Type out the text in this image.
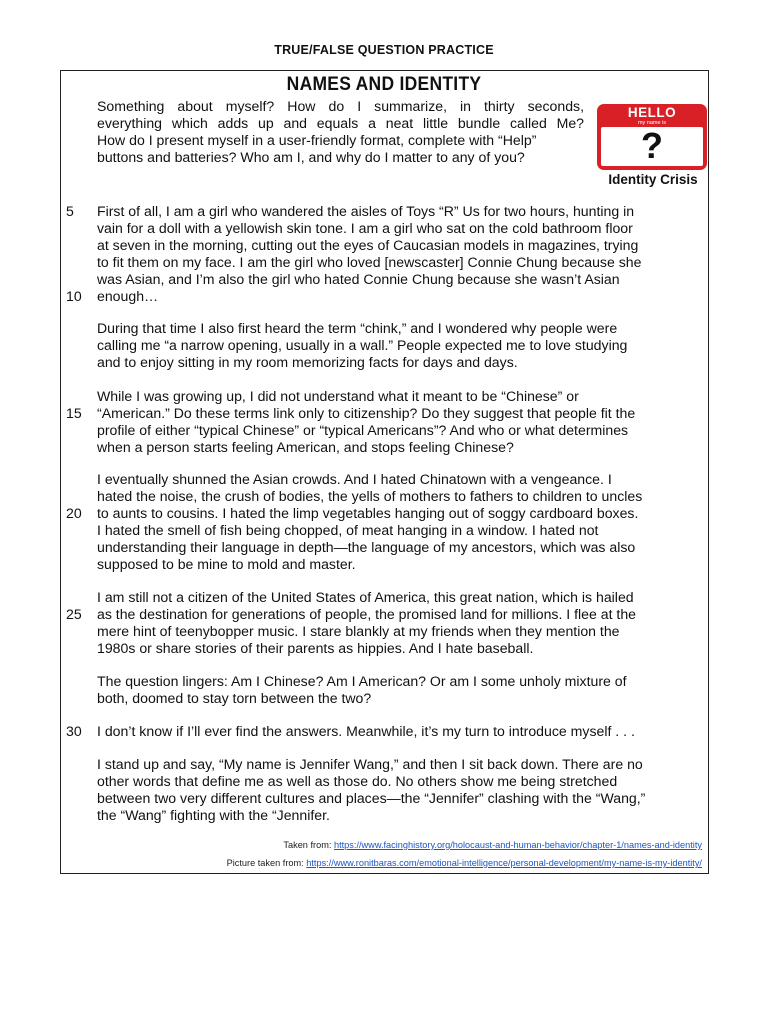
TRUE/FALSE QUESTION PRACTICE
NAMES AND IDENTITY
HELLO
my name is
?
Identity Crisis
Something about myself? How do I summarize, in thirty seconds,
everything which adds up and equals a neat little bundle called Me?
How do I present myself in a user-friendly format, complete with “Help”
buttons and batteries? Who am I, and why do I matter to any of you?
First of all, I am a girl who wandered the aisles of Toys “R” Us for two hours, hunting in
vain for a doll with a yellowish skin tone. I am a girl who sat on the cold bathroom floor
at seven in the morning, cutting out the eyes of Caucasian models in magazines, trying
to fit them on my face. I am the girl who loved [newscaster] Connie Chung because she
was Asian, and I’m also the girl who hated Connie Chung because she wasn’t Asian
enough…
During that time I also first heard the term “chink,” and I wondered why people were
calling me “a narrow opening, usually in a wall.” People expected me to love studying
and to enjoy sitting in my room memorizing facts for days and days.
While I was growing up, I did not understand what it meant to be “Chinese” or
“American.” Do these terms link only to citizenship? Do they suggest that people fit the
profile of either “typical Chinese” or “typical Americans”? And who or what determines
when a person starts feeling American, and stops feeling Chinese?
I eventually shunned the Asian crowds. And I hated Chinatown with a vengeance. I
hated the noise, the crush of bodies, the yells of mothers to fathers to children to uncles
to aunts to cousins. I hated the limp vegetables hanging out of soggy cardboard boxes.
I hated the smell of fish being chopped, of meat hanging in a window. I hated not
understanding their language in depth—the language of my ancestors, which was also
supposed to be mine to mold and master.
I am still not a citizen of the United States of America, this great nation, which is hailed
as the destination for generations of people, the promised land for millions. I flee at the
mere hint of teenybopper music. I stare blankly at my friends when they mention the
1980s or share stories of their parents as hippies. And I hate baseball.
The question lingers: Am I Chinese? Am I American? Or am I some unholy mixture of
both, doomed to stay torn between the two?
I don’t know if I’ll ever find the answers. Meanwhile, it’s my turn to introduce myself . . .
I stand up and say, “My name is Jennifer Wang,” and then I sit back down. There are no
other words that define me as well as those do. No others show me being stretched
between two very different cultures and places—the “Jennifer” clashing with the “Wang,”
the “Wang” fighting with the “Jennifer.
5
10
15
20
25
30
Taken from: https://www.facinghistory.org/holocaust-and-human-behavior/chapter-1/names-and-identity
Picture taken from: https://www.ronitbaras.com/emotional-intelligence/personal-development/my-name-is-my-identity/
